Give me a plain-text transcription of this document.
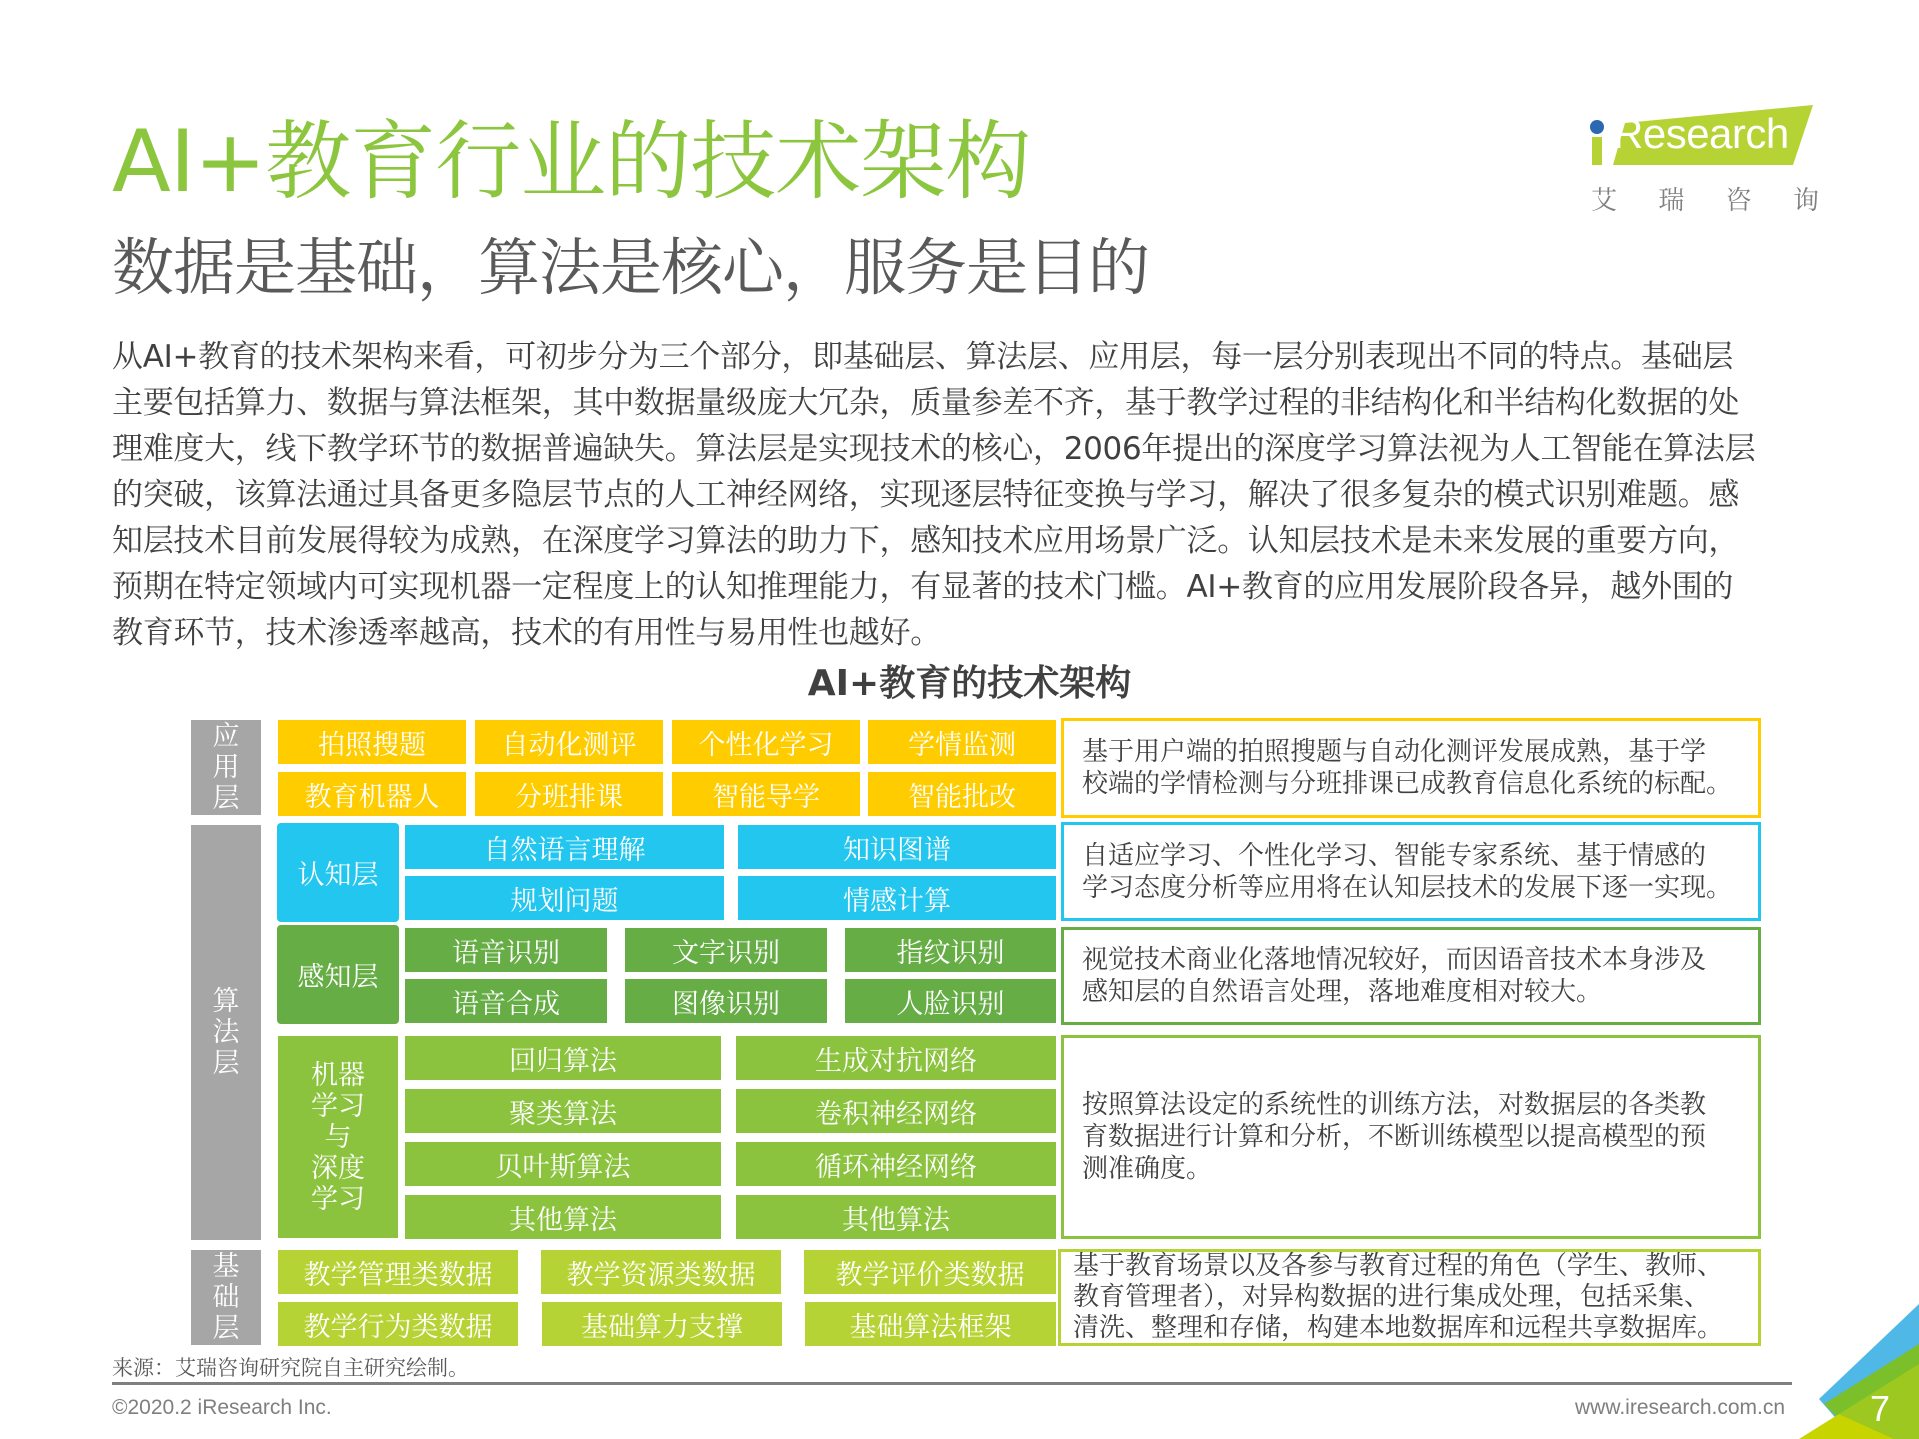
AI+教育行业的技术架构
数据是基础，算法是核心，服务是目的
Research
艾 瑞 咨 询
从AI+教育的技术架构来看，可初步分为三个部分，即基础层、算法层、应用层，每一层分别表现出不同的特点。基础层
主要包括算力、数据与算法框架，其中数据量级庞大冗杂，质量参差不齐，基于教学过程的非结构化和半结构化数据的处
理难度大，线下教学环节的数据普遍缺失。算法层是实现技术的核心，2006年提出的深度学习算法视为人工智能在算法层
的突破，该算法通过具备更多隐层节点的人工神经网络，实现逐层特征变换与学习，解决了很多复杂的模式识别难题。感
知层技术目前发展得较为成熟，在深度学习算法的助力下，感知技术应用场景广泛。认知层技术是未来发展的重要方向，
预期在特定领域内可实现机器一定程度上的认知推理能力，有显著的技术门槛。AI+教育的应用发展阶段各异，越外围的
教育环节，技术渗透率越高，技术的有用性与易用性也越好。
AI+教育的技术架构
应
用
层
拍照搜题	自动化测评	个性化学习	学情监测
教育机器人	分班排课	智能导学	智能批改
基于用户端的拍照搜题与自动化测评发展成熟，基于学
校端的学情检测与分班排课已成教育信息化系统的标配。
算
法
层
认知层
自然语言理解	知识图谱
规划问题	情感计算
自适应学习、个性化学习、智能专家系统、基于情感的
学习态度分析等应用将在认知层技术的发展下逐一实现。
感知层
语音识别	文字识别	指纹识别
语音合成	图像识别	人脸识别
视觉技术商业化落地情况较好，而因语音技术本身涉及
感知层的自然语言处理，落地难度相对较大。
机器
学习
与
深度
学习
回归算法	生成对抗网络
聚类算法	卷积神经网络
贝叶斯算法	循环神经网络
其他算法	其他算法
按照算法设定的系统性的训练方法，对数据层的各类教
育数据进行计算和分析，不断训练模型以提高模型的预
测准确度。
基
础
层
教学管理类数据	教学资源类数据	教学评价类数据
教学行为类数据	基础算力支撑	基础算法框架
基于教育场景以及各参与教育过程的角色（学生、教师、
教育管理者），对异构数据的进行集成处理，包括采集、
清洗、整理和存储，构建本地数据库和远程共享数据库。
来源：艾瑞咨询研究院自主研究绘制。
©2020.2 iResearch Inc.	www.iresearch.com.cn 7
